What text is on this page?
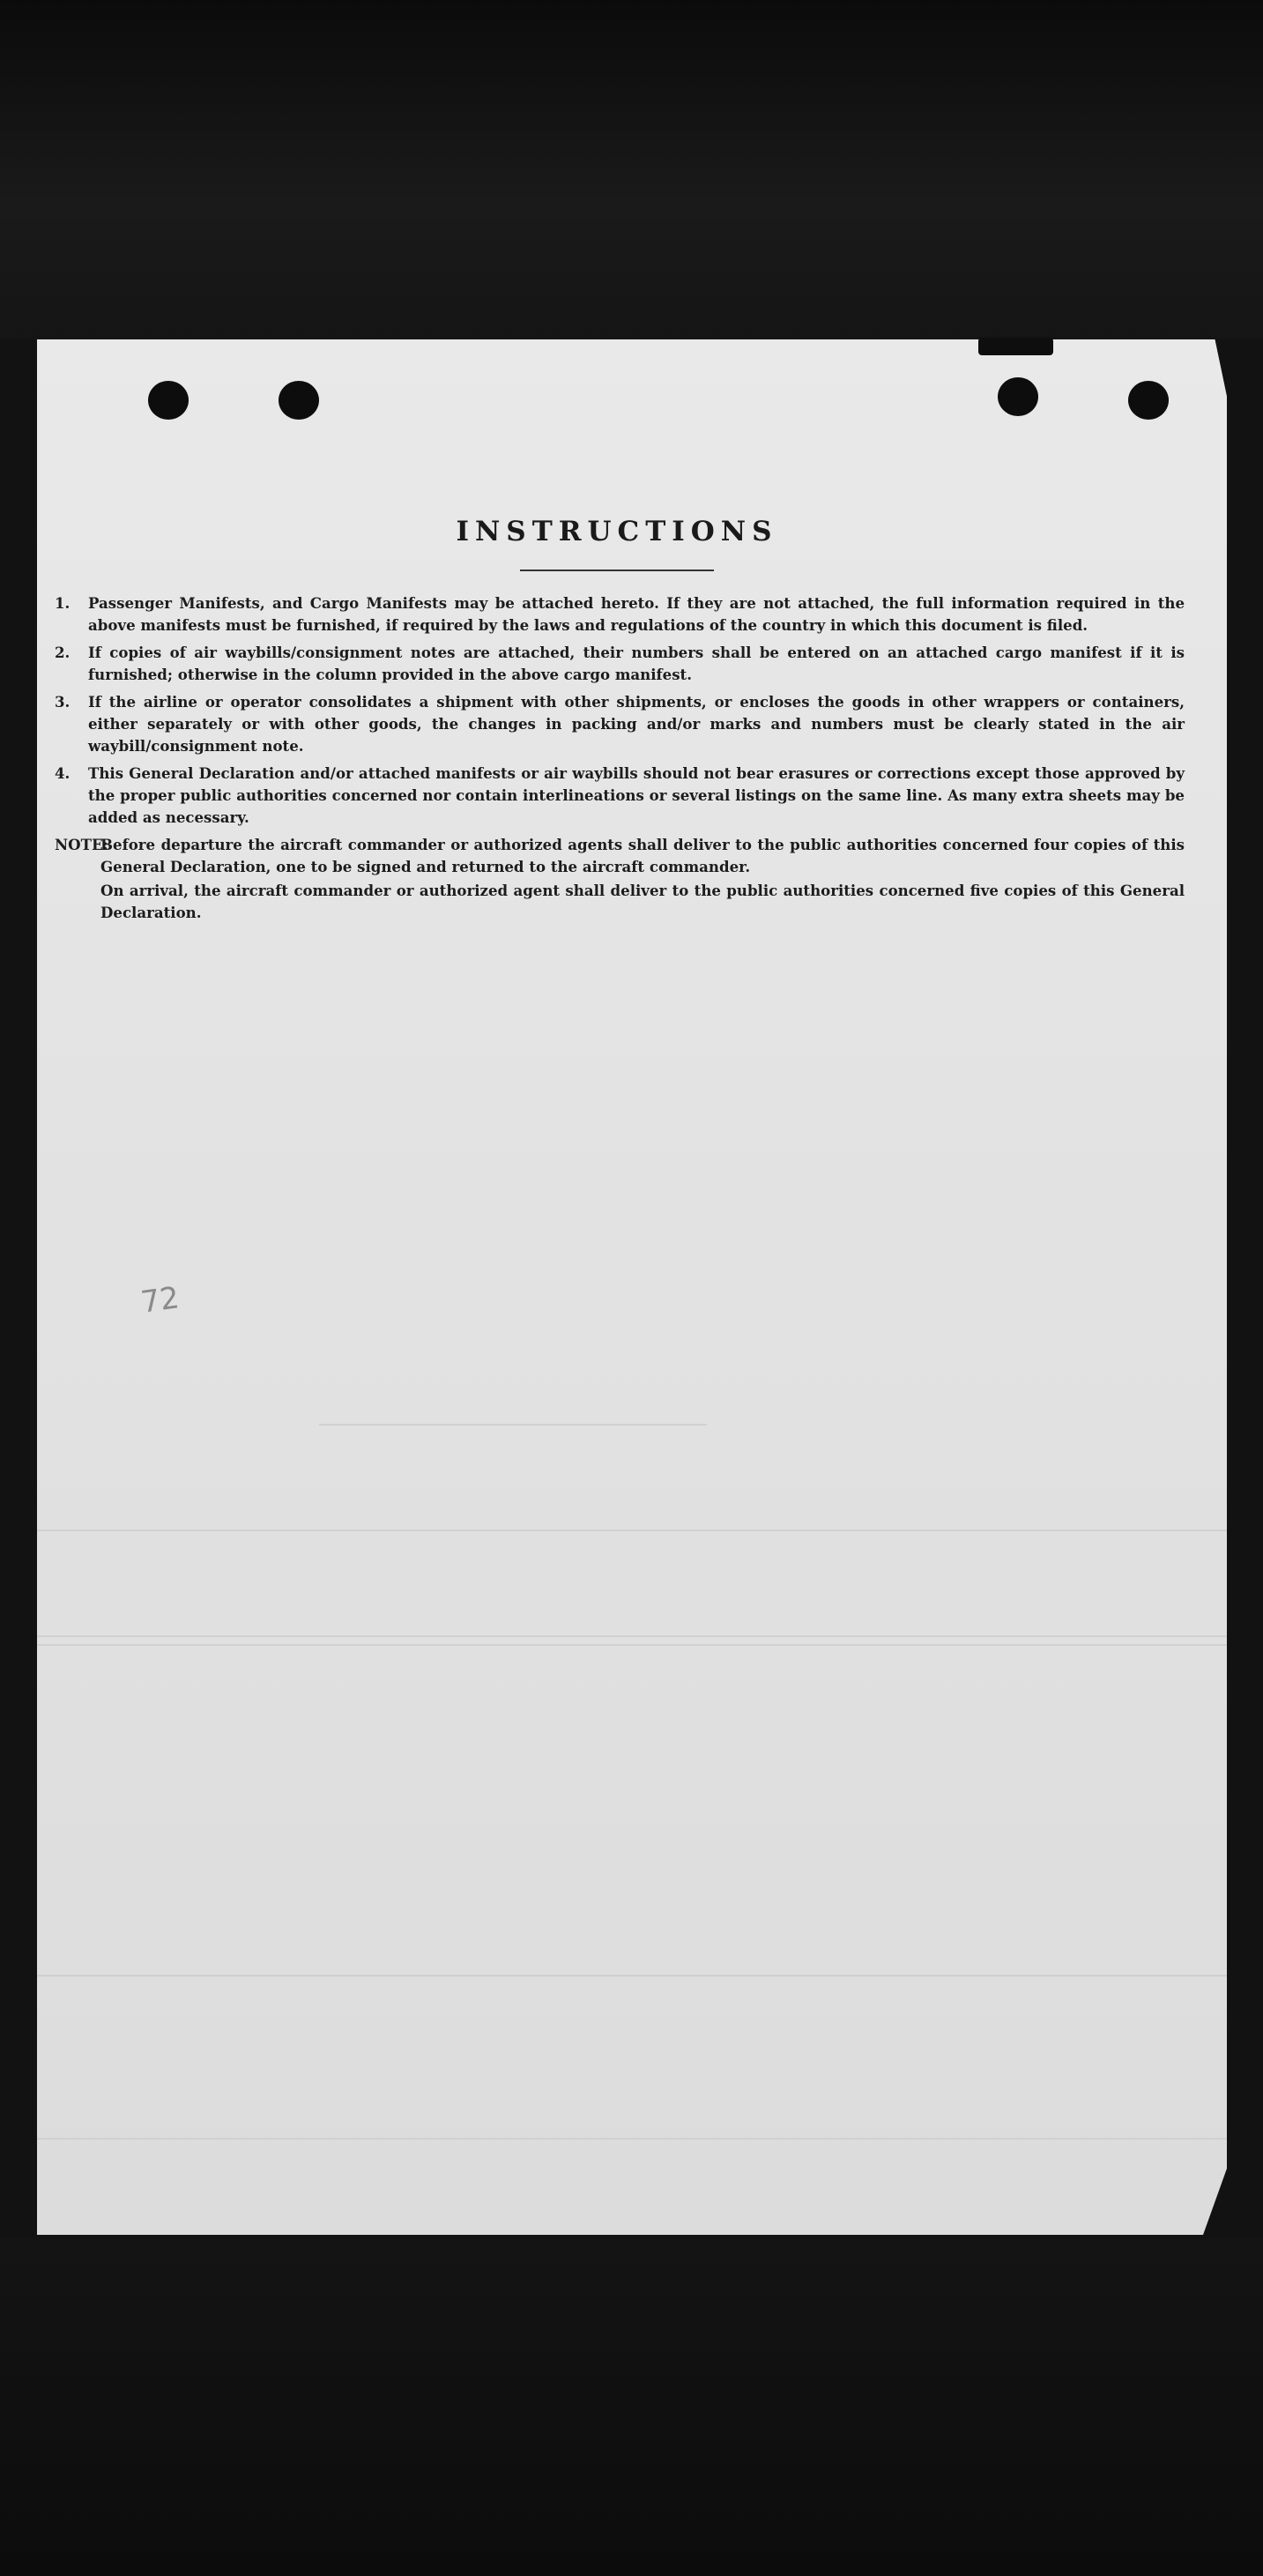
INSTRUCTIONS
1.	Passenger Manifests, and Cargo Manifests may be attached hereto. If they are not attached, the full information required in the above manifests must be furnished, if required by the laws and regulations of the country in which this document is filed.
2.	If copies of air waybills/consignment notes are attached, their numbers shall be entered on an attached cargo manifest if it is furnished; otherwise in the column provided in the above cargo manifest.
3.	If the airline or operator consolidates a shipment with other shipments, or encloses the goods in other wrappers or containers, either separately or with other goods, the changes in packing and/or marks and numbers must be clearly stated in the air waybill/consignment note.
4.	This General Declaration and/or attached manifests or air waybills should not bear erasures or corrections except those approved by the proper public authorities concerned nor contain interlineations or several listings on the same line. As many extra sheets may be added as necessary.
NOTE:
Before departure the aircraft commander or authorized agents shall deliver to the public authorities concerned four copies of this General Declaration, one to be signed and returned to the aircraft commander.
On arrival, the aircraft commander or authorized agent shall deliver to the public authorities concerned five copies of this General Declaration.
72
